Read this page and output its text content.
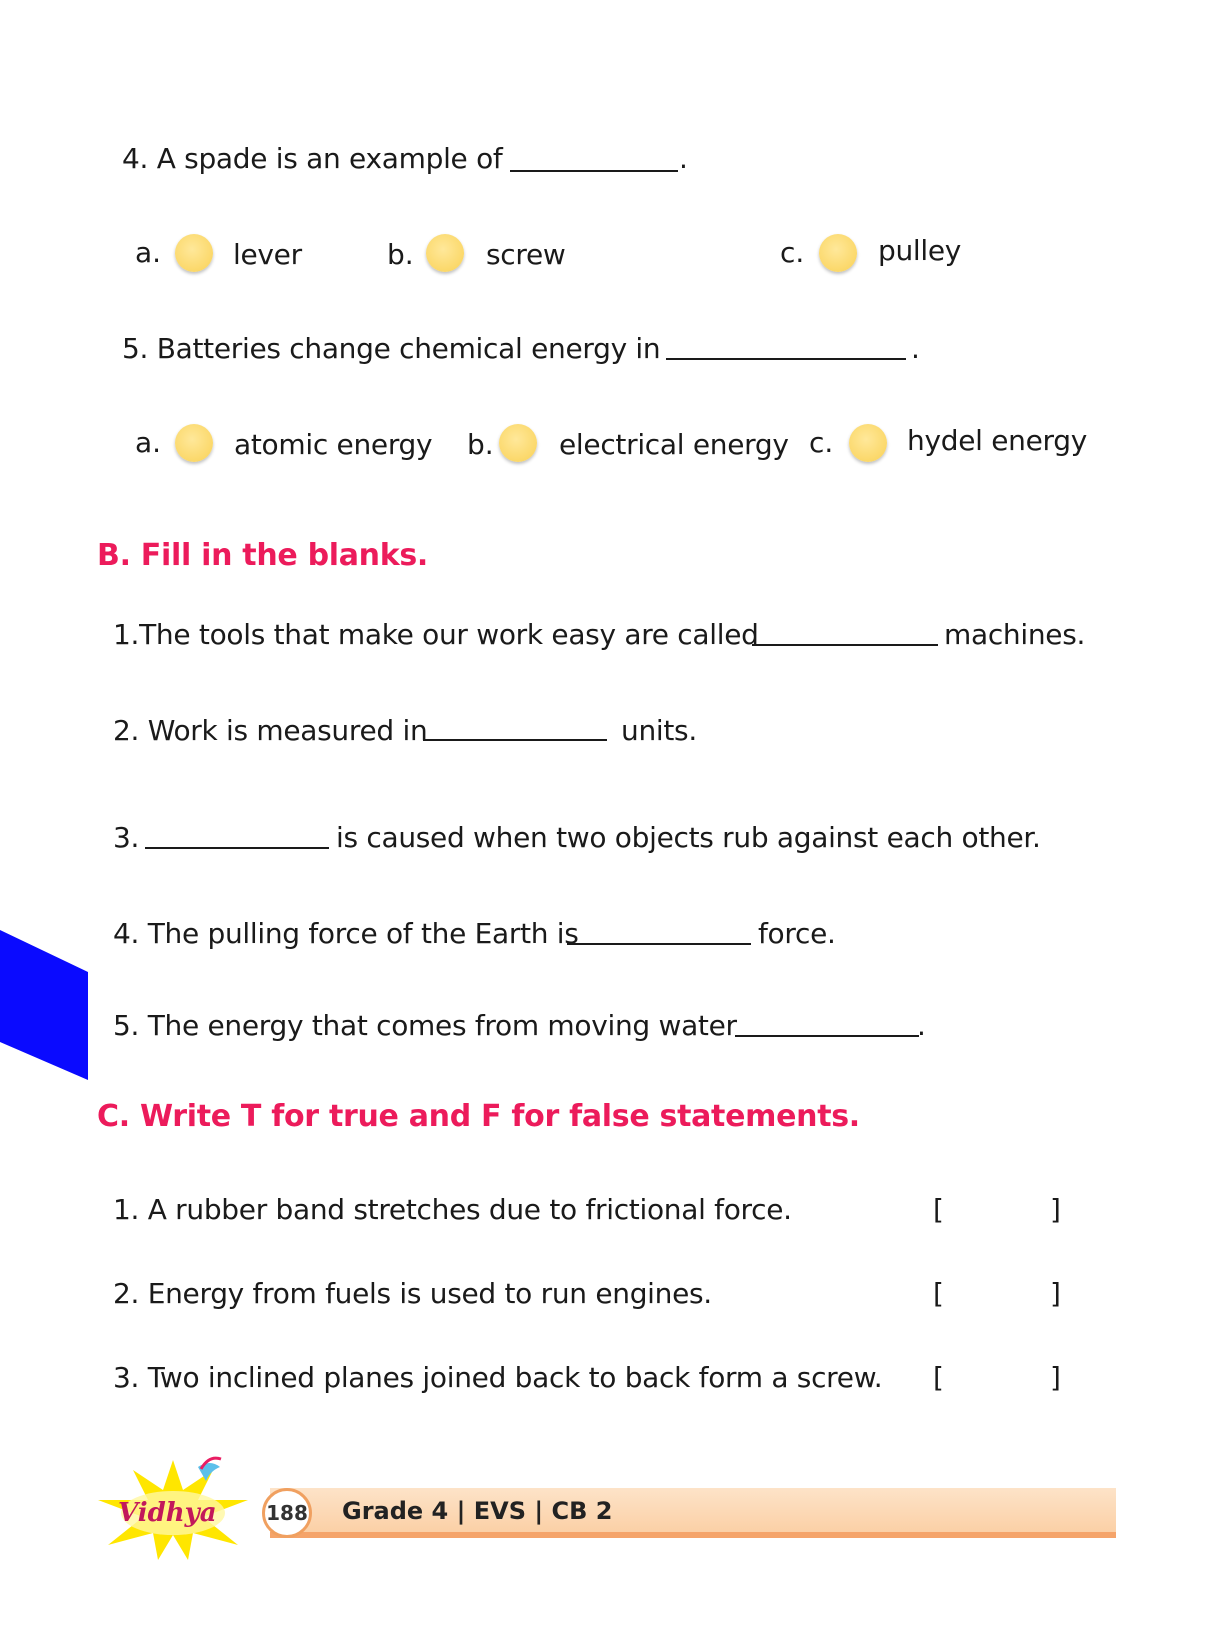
4. A spade is an example of	.
a.	lever	b.	screw	c.	pulley
5. Batteries change chemical energy in	.
a.	atomic energy b. electrical energy c.	hydel energy
B. Fill in the blanks.
1.The tools that make our work easy are called	machines.
2. Work is measured in	units.
3.	is caused when two objects rub against each other.
4. The pulling force of the Earth is	force.
5. The energy that comes from moving water	.
C. Write T for true and F for false statements.
1. A rubber band stretches due to frictional force.	[	]
2. Energy from fuels is used to run engines.	[	]
3. Two inclined planes joined back to back form a screw. [	]
Vidhya 188 Grade 4 | EVS | CB 2
